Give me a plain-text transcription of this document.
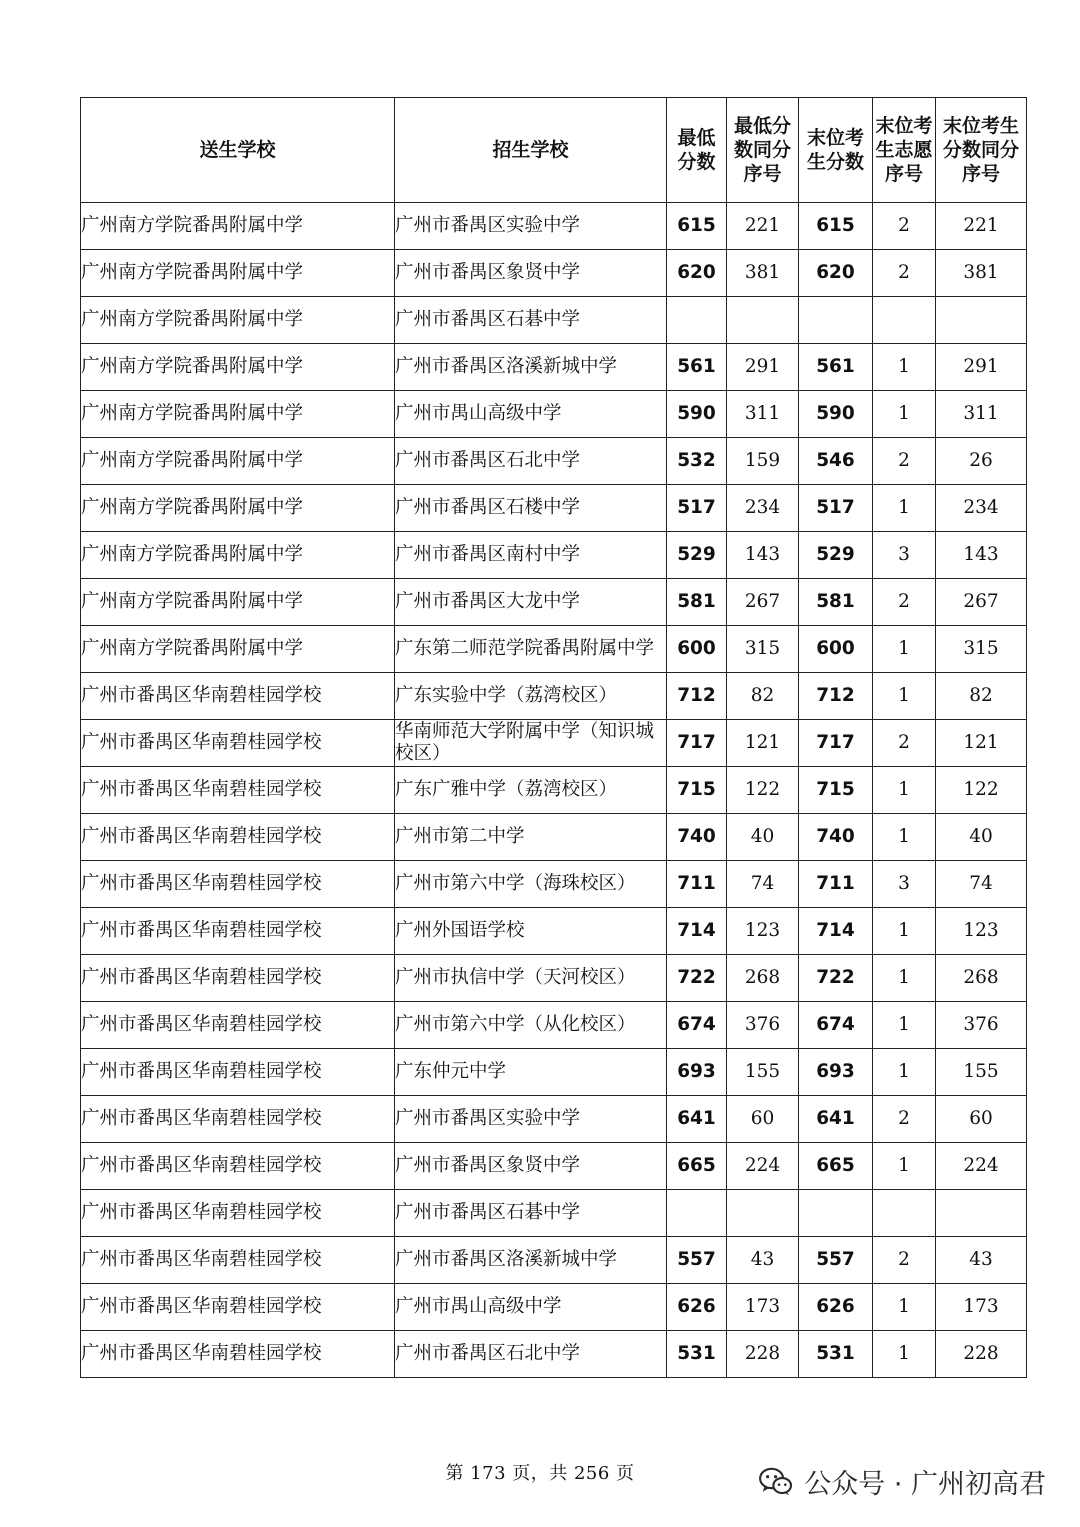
送生学校	招生学校	最低分数	最低分数同分序号	末位考生分数	末位考生志愿序号	末位考生分数同分序号
广州南方学院番禺附属中学	广州市番禺区实验中学	615	221	615	2	221
广州南方学院番禺附属中学	广州市番禺区象贤中学	620	381	620	2	381
广州南方学院番禺附属中学	广州市番禺区石碁中学					
广州南方学院番禺附属中学	广州市番禺区洛溪新城中学	561	291	561	1	291
广州南方学院番禺附属中学	广州市禺山高级中学	590	311	590	1	311
广州南方学院番禺附属中学	广州市番禺区石北中学	532	159	546	2	26
广州南方学院番禺附属中学	广州市番禺区石楼中学	517	234	517	1	234
广州南方学院番禺附属中学	广州市番禺区南村中学	529	143	529	3	143
广州南方学院番禺附属中学	广州市番禺区大龙中学	581	267	581	2	267
广州南方学院番禺附属中学	广东第二师范学院番禺附属中学	600	315	600	1	315
广州市番禺区华南碧桂园学校	广东实验中学（荔湾校区）	712	82	712	1	82
广州市番禺区华南碧桂园学校	华南师范大学附属中学（知识城校区）	717	121	717	2	121
广州市番禺区华南碧桂园学校	广东广雅中学（荔湾校区）	715	122	715	1	122
广州市番禺区华南碧桂园学校	广州市第二中学	740	40	740	1	40
广州市番禺区华南碧桂园学校	广州市第六中学（海珠校区）	711	74	711	3	74
广州市番禺区华南碧桂园学校	广州外国语学校	714	123	714	1	123
广州市番禺区华南碧桂园学校	广州市执信中学（天河校区）	722	268	722	1	268
广州市番禺区华南碧桂园学校	广州市第六中学（从化校区）	674	376	674	1	376
广州市番禺区华南碧桂园学校	广东仲元中学	693	155	693	1	155
广州市番禺区华南碧桂园学校	广州市番禺区实验中学	641	60	641	2	60
广州市番禺区华南碧桂园学校	广州市番禺区象贤中学	665	224	665	1	224
广州市番禺区华南碧桂园学校	广州市番禺区石碁中学					
广州市番禺区华南碧桂园学校	广州市番禺区洛溪新城中学	557	43	557	2	43
广州市番禺区华南碧桂园学校	广州市禺山高级中学	626	173	626	1	173
广州市番禺区华南碧桂园学校	广州市番禺区石北中学	531	228	531	1	228
第 173 页，共 256 页	公众号 · 广州初高君
